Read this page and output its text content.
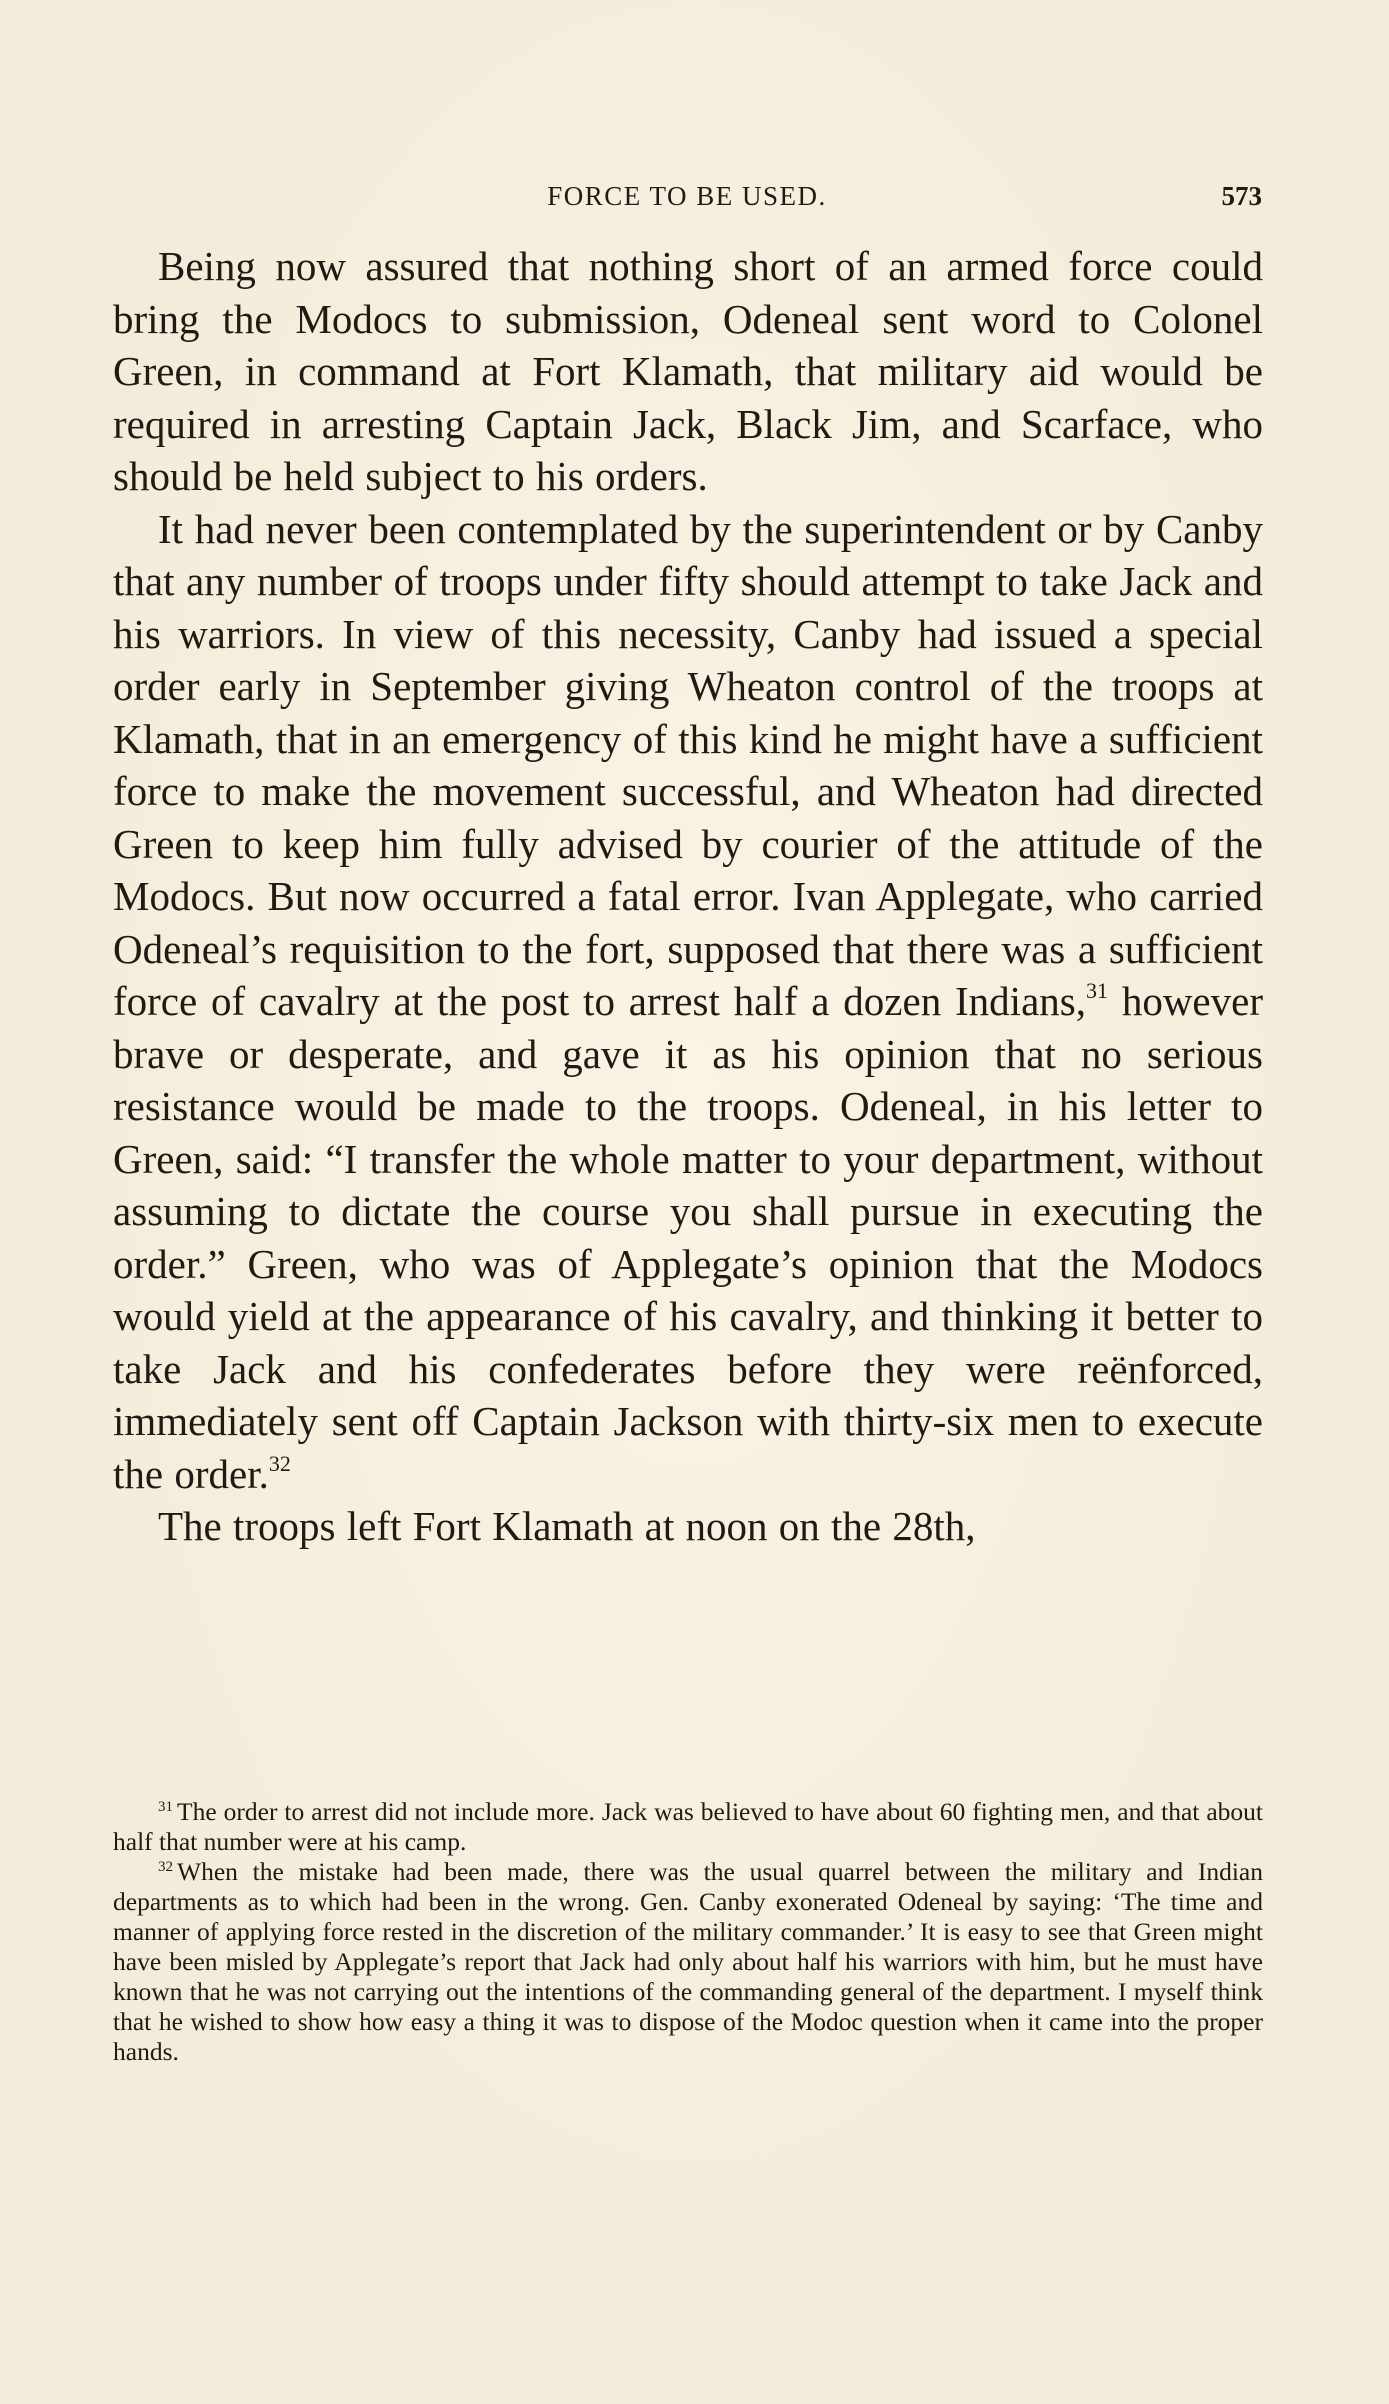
FORCE TO BE USED.	573

Being now assured that nothing short of an armed force could bring the Modocs to submission, Odeneal sent word to Colonel Green, in command at Fort Klamath, that military aid would be required in arresting Captain Jack, Black Jim, and Scarface, who should be held subject to his orders.

It had never been contemplated by the superintendent or by Canby that any number of troops under fifty should attempt to take Jack and his warriors. In view of this necessity, Canby had issued a special order early in September giving Wheaton control of the troops at Klamath, that in an emergency of this kind he might have a sufficient force to make the movement successful, and Wheaton had directed Green to keep him fully advised by courier of the attitude of the Modocs. But now occurred a fatal error. Ivan Applegate, who carried Odeneal’s requisition to the fort, supposed that there was a sufficient force of cavalry at the post to arrest half a dozen Indians,$^{31}$ however brave or desperate, and gave it as his opinion that no serious resistance would be made to the troops. Odeneal, in his letter to Green, said: “I transfer the whole matter to your department, without assuming to dictate the course you shall pursue in executing the order.” Green, who was of Applegate’s opinion that the Modocs would yield at the appearance of his cavalry, and thinking it better to take Jack and his confederates before they were reënforced, immediately sent off Captain Jackson with thirty-six men to execute the order.$^{32}$

The troops left Fort Klamath at noon on the 28th,

$^{31}$ The order to arrest did not include more. Jack was believed to have about 60 fighting men, and that about half that number were at his camp.

$^{32}$ When the mistake had been made, there was the usual quarrel between the military and Indian departments as to which had been in the wrong. Gen. Canby exonerated Odeneal by saying: ‘The time and manner of applying force rested in the discretion of the military commander.’ It is easy to see that Green might have been misled by Applegate’s report that Jack had only about half his warriors with him, but he must have known that he was not carrying out the intentions of the commanding general of the department. I myself think that he wished to show how easy a thing it was to dispose of the Modoc question when it came into the proper hands.
